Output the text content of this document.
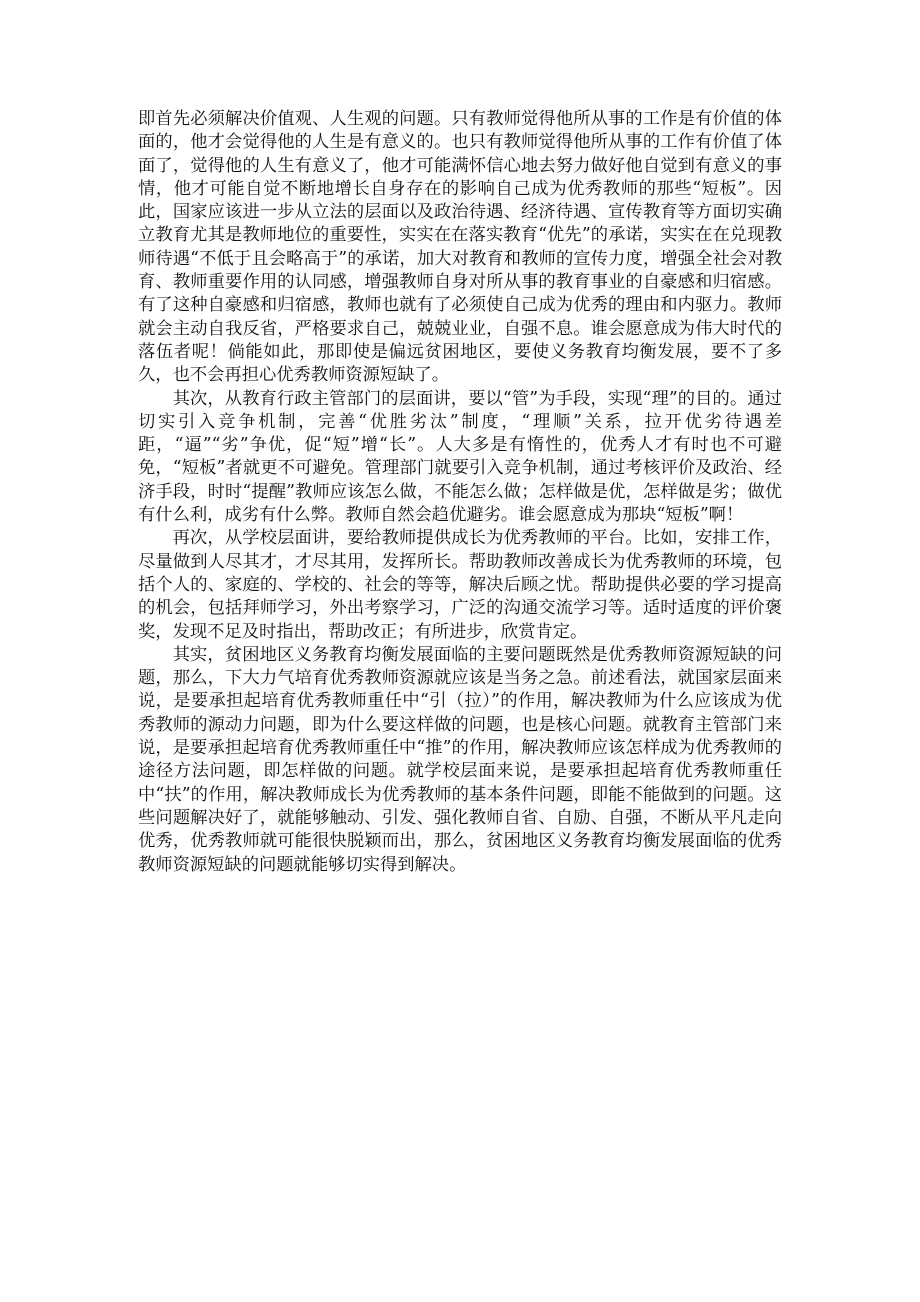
即首先必须解决价值观、人生观的问题。只有教师觉得他所从事的工作是有价值的体面的，他才会觉得他的人生是有意义的。也只有教师觉得他所从事的工作有价值了体面了，觉得他的人生有意义了，他才可能满怀信心地去努力做好他自觉到有意义的事情，他才可能自觉不断地增长自身存在的影响自己成为优秀教师的那些“短板”。因此，国家应该进一步从立法的层面以及政治待遇、经济待遇、宣传教育等方面切实确立教育尤其是教师地位的重要性，实实在在落实教育“优先”的承诺，实实在在兑现教师待遇“不低于且会略高于”的承诺，加大对教育和教师的宣传力度，增强全社会对教育、教师重要作用的认同感，增强教师自身对所从事的教育事业的自豪感和归宿感。有了这种自豪感和归宿感，教师也就有了必须使自己成为优秀的理由和内驱力。教师就会主动自我反省，严格要求自己，兢兢业业，自强不息。谁会愿意成为伟大时代的落伍者呢！倘能如此，那即使是偏远贫困地区，要使义务教育均衡发展，要不了多久，也不会再担心优秀教师资源短缺了。

其次，从教育行政主管部门的层面讲，要以“管”为手段，实现“理”的目的。通过切实引入竞争机制，完善“优胜劣汰”制度，“理顺”关系，拉开优劣待遇差距，“逼”“劣”争优，促“短”增“长”。人大多是有惰性的，优秀人才有时也不可避免，“短板”者就更不可避免。管理部门就要引入竞争机制，通过考核评价及政治、经济手段，时时“提醒”教师应该怎么做，不能怎么做；怎样做是优，怎样做是劣；做优有什么利，成劣有什么弊。教师自然会趋优避劣。谁会愿意成为那块“短板”啊！

再次，从学校层面讲，要给教师提供成长为优秀教师的平台。比如，安排工作，尽量做到人尽其才，才尽其用，发挥所长。帮助教师改善成长为优秀教师的环境，包括个人的、家庭的、学校的、社会的等等，解决后顾之忧。帮助提供必要的学习提高的机会，包括拜师学习，外出考察学习，广泛的沟通交流学习等。适时适度的评价褒奖，发现不足及时指出，帮助改正；有所进步，欣赏肯定。

其实，贫困地区义务教育均衡发展面临的主要问题既然是优秀教师资源短缺的问题，那么，下大力气培育优秀教师资源就应该是当务之急。前述看法，就国家层面来说，是要承担起培育优秀教师重任中“引（拉）”的作用，解决教师为什么应该成为优秀教师的源动力问题，即为什么要这样做的问题，也是核心问题。就教育主管部门来说，是要承担起培育优秀教师重任中“推”的作用，解决教师应该怎样成为优秀教师的途径方法问题，即怎样做的问题。就学校层面来说，是要承担起培育优秀教师重任中“扶”的作用，解决教师成长为优秀教师的基本条件问题，即能不能做到的问题。这些问题解决好了，就能够触动、引发、强化教师自省、自励、自强，不断从平凡走向优秀，优秀教师就可能很快脱颖而出，那么，贫困地区义务教育均衡发展面临的优秀教师资源短缺的问题就能够切实得到解决。
